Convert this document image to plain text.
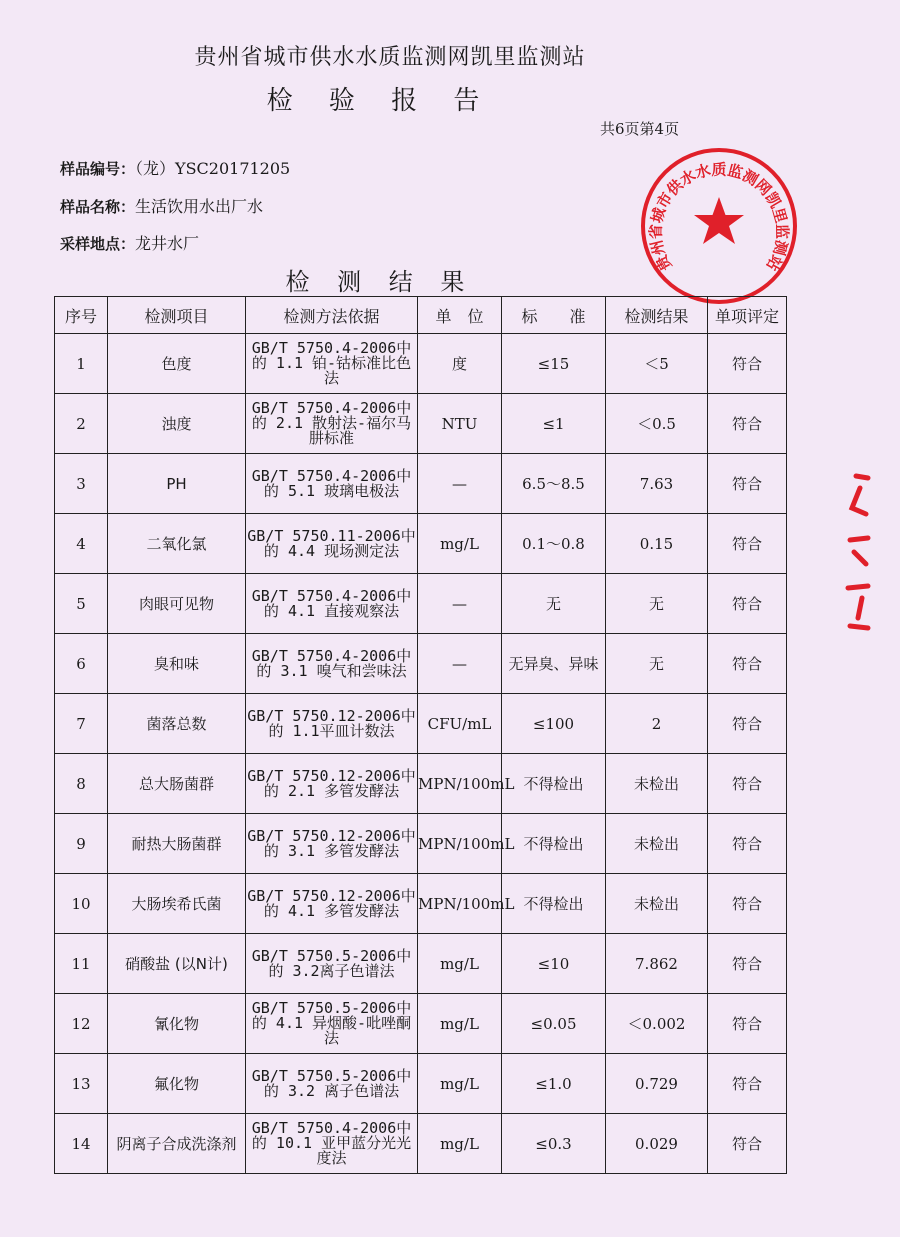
贵州省城市供水水质监测网凯里监测站
检 验 报 告
共6页第4页
样品编号：（龙）YSC20171205
样品名称：生活饮用水出厂水
采样地点：龙井水厂
检 测 结 果
贵州省城市供水水质监测网凯里监测站
序号	检测项目	检测方法依据	单　位	标　　准	检测结果	单项评定
1	色度	GB/T 5750.4-2006中的 1.1 铂-钴标准比色法	度	≤15	＜5	符合
2	浊度	GB/T 5750.4-2006中的 2.1 散射法-福尔马肼标准	NTU	≤1	＜0.5	符合
3	PH	GB/T 5750.4-2006中的 5.1 玻璃电极法	—	6.5～8.5	7.63	符合
4	二氧化氯	GB/T 5750.11-2006中的 4.4 现场测定法	mg/L	0.1～0.8	0.15	符合
5	肉眼可见物	GB/T 5750.4-2006中的 4.1 直接观察法	—	无	无	符合
6	臭和味	GB/T 5750.4-2006中的 3.1 嗅气和尝味法	—	无异臭、异味	无	符合
7	菌落总数	GB/T 5750.12-2006中的 1.1平皿计数法	CFU/mL	≤100	2	符合
8	总大肠菌群	GB/T 5750.12-2006中的 2.1 多管发酵法	MPN/100mL	不得检出	未检出	符合
9	耐热大肠菌群	GB/T 5750.12-2006中的 3.1 多管发酵法	MPN/100mL	不得检出	未检出	符合
10	大肠埃希氏菌	GB/T 5750.12-2006中的 4.1 多管发酵法	MPN/100mL	不得检出	未检出	符合
11	硝酸盐 (以N计)	GB/T 5750.5-2006中的 3.2离子色谱法	mg/L	≤10	7.862	符合
12	氰化物	GB/T 5750.5-2006中的 4.1 异烟酸-吡唑酮法	mg/L	≤0.05	＜0.002	符合
13	氟化物	GB/T 5750.5-2006中的 3.2 离子色谱法	mg/L	≤1.0	0.729	符合
14	阴离子合成洗涤剂	GB/T 5750.4-2006中的 10.1 亚甲蓝分光光度法	mg/L	≤0.3	0.029	符合
